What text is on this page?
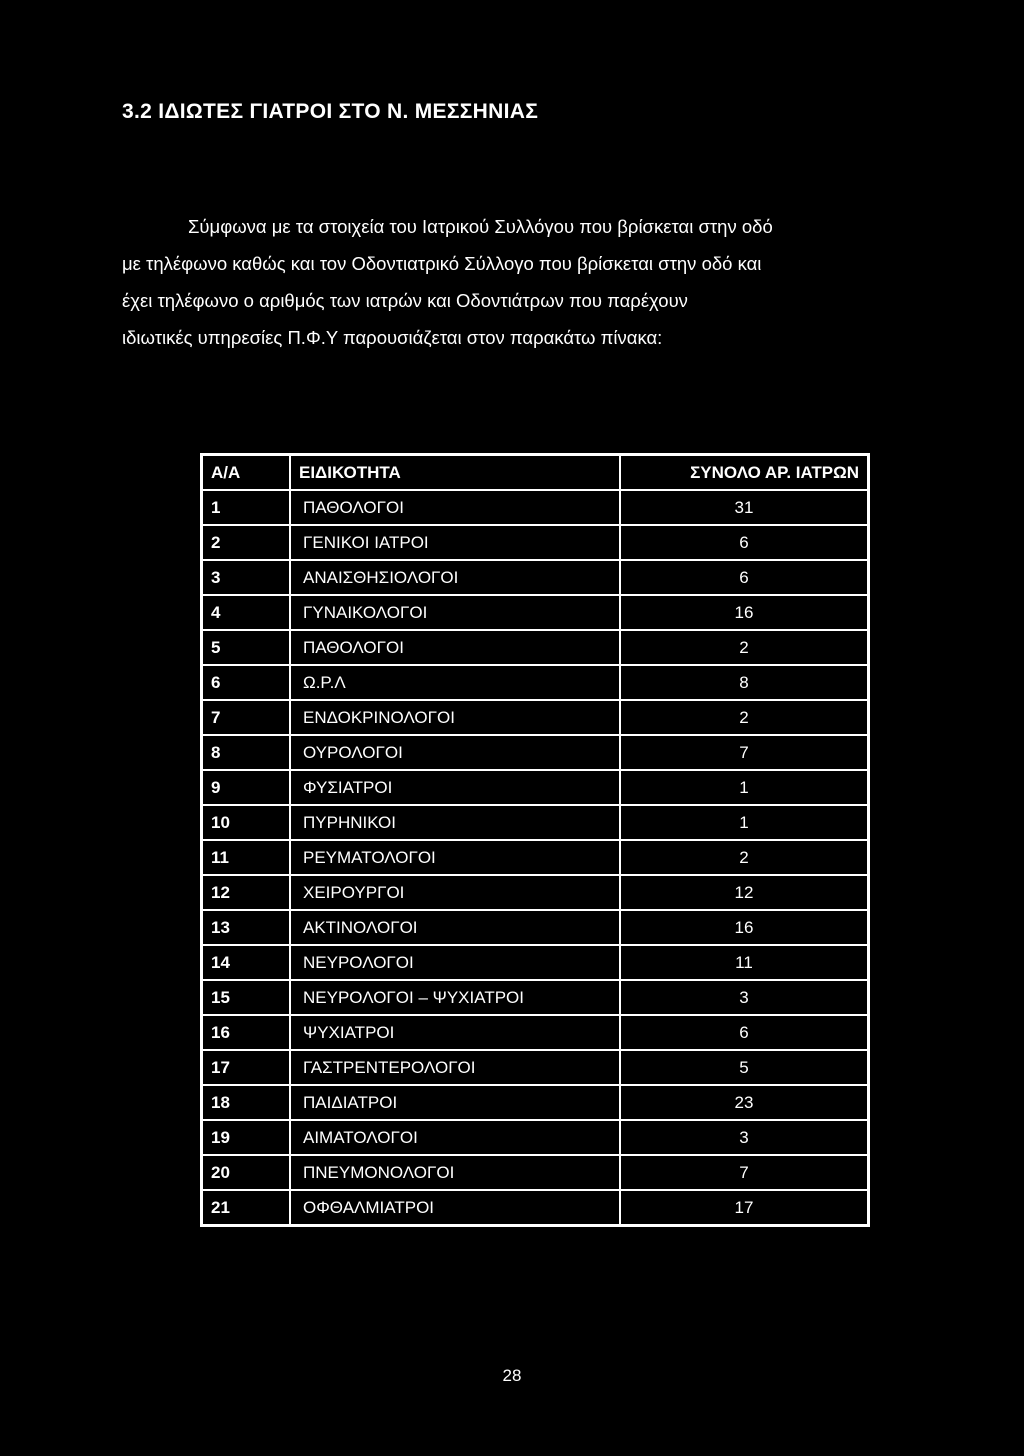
3.2 ΙΔΙΩΤΕΣ ΓΙΑΤΡΟΙ ΣΤΟ Ν. ΜΕΣΣΗΝΙΑΣ
Σύμφωνα με τα στοιχεία του Ιατρικού Συλλόγου που βρίσκεται στην οδό
με τηλέφωνο καθώς και τον Οδοντιατρικό Σύλλογο που βρίσκεται στην οδό και
έχει τηλέφωνο ο αριθμός των ιατρών και Οδοντιάτρων που παρέχουν
ιδιωτικές υπηρεσίες Π.Φ.Υ παρουσιάζεται στον παρακάτω πίνακα:
Α/Α	ΕΙΔΙΚΟΤΗΤΑ	ΣΥΝΟΛΟ ΑΡ. ΙΑΤΡΩΝ
1	ΠΑΘΟΛΟΓΟΙ	31
2	ΓΕΝΙΚΟΙ ΙΑΤΡΟΙ	6
3	ΑΝΑΙΣΘΗΣΙΟΛΟΓΟΙ	6
4	ΓΥΝΑΙΚΟΛΟΓΟΙ	16
5	ΠΑΘΟΛΟΓΟΙ	2
6	Ω.Ρ.Λ	8
7	ΕΝΔΟΚΡΙΝΟΛΟΓΟΙ	2
8	ΟΥΡΟΛΟΓΟΙ	7
9	ΦΥΣΙΑΤΡΟΙ	1
10	ΠΥΡΗΝΙΚΟΙ	1
11	ΡΕΥΜΑΤΟΛΟΓΟΙ	2
12	ΧΕΙΡΟΥΡΓΟΙ	12
13	ΑΚΤΙΝΟΛΟΓΟΙ	16
14	ΝΕΥΡΟΛΟΓΟΙ	11
15	ΝΕΥΡΟΛΟΓΟΙ – ΨΥΧΙΑΤΡΟΙ	3
16	ΨΥΧΙΑΤΡΟΙ	6
17	ΓΑΣΤΡΕΝΤΕΡΟΛΟΓΟΙ	5
18	ΠΑΙΔΙΑΤΡΟΙ	23
19	ΑΙΜΑΤΟΛΟΓΟΙ	3
20	ΠΝΕΥΜΟΝΟΛΟΓΟΙ	7
21	ΟΦΘΑΛΜΙΑΤΡΟΙ	17
28
